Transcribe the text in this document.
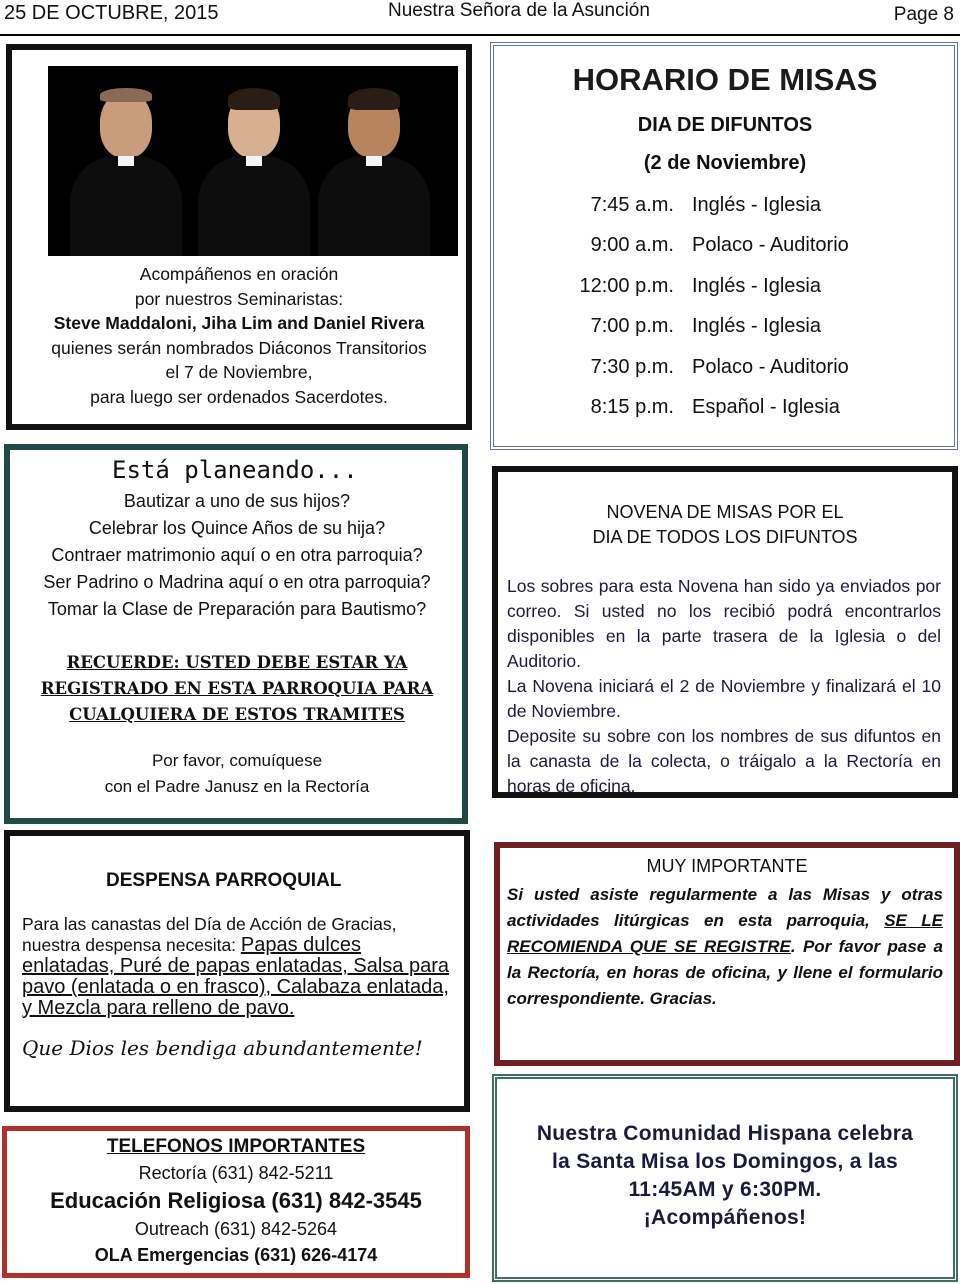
25 DE OCTUBRE, 2015	Nuestra Señora de la Asunción	Page 8
Acompáñenos en oración
por nuestros Seminaristas:
Steve Maddaloni, Jiha Lim and Daniel Rivera
quienes serán nombrados Diáconos Transitorios
el 7 de Noviembre,
para luego ser ordenados Sacerdotes.
HORARIO DE MISAS
DIA DE DIFUNTOS
(2 de Noviembre)
7:45 a.m. Inglés - Iglesia
9:00 a.m. Polaco - Auditorio
12:00 p.m. Inglés - Iglesia
7:00 p.m. Inglés - Iglesia
7:30 p.m. Polaco - Auditorio
8:15 p.m. Español - Iglesia
Está planeando...
Bautizar a uno de sus hijos?
Celebrar los Quince Años de su hija?
Contraer matrimonio aquí o en otra parroquia?
Ser Padrino o Madrina aquí o en otra parroquia?
Tomar la Clase de Preparación para Bautismo?
RECUERDE: USTED DEBE ESTAR YA
REGISTRADO EN ESTA PARROQUIA PARA
CUALQUIERA DE ESTOS TRAMITES
Por favor, comuíquese
con el Padre Janusz en la Rectoría
NOVENA DE MISAS POR EL
DIA DE TODOS LOS DIFUNTOS
Los sobres para esta Novena han sido ya enviados por correo. Si usted no los recibió podrá encontrarlos disponibles en la parte trasera de la Iglesia o del Auditorio.
La Novena iniciará el 2 de Noviembre y finalizará el 10 de Noviembre.
Deposite su sobre con los nombres de sus difuntos en la canasta de la colecta, o tráigalo a la Rectoría en horas de oficina.
DESPENSA PARROQUIAL
Para las canastas del Día de Acción de Gracias, nuestra despensa necesita: Papas dulces enlatadas, Puré de papas enlatadas, Salsa para pavo (enlatada o en frasco), Calabaza enlatada, y Mezcla para relleno de pavo.
Que Dios les bendiga abundantemente!
MUY IMPORTANTE
Si usted asiste regularmente a las Misas y otras actividades litúrgicas en esta parroquia, SE LE RECOMIENDA QUE SE REGISTRE. Por favor pase a la Rectoría, en horas de oficina, y llene el formulario correspondiente. Gracias.
TELEFONOS IMPORTANTES
Rectoría (631) 842-5211
Educación Religiosa (631) 842-3545
Outreach (631) 842-5264
OLA Emergencias (631) 626-4174
Nuestra Comunidad Hispana celebra
la Santa Misa los Domingos, a las
11:45AM y 6:30PM.
¡Acompáñenos!
